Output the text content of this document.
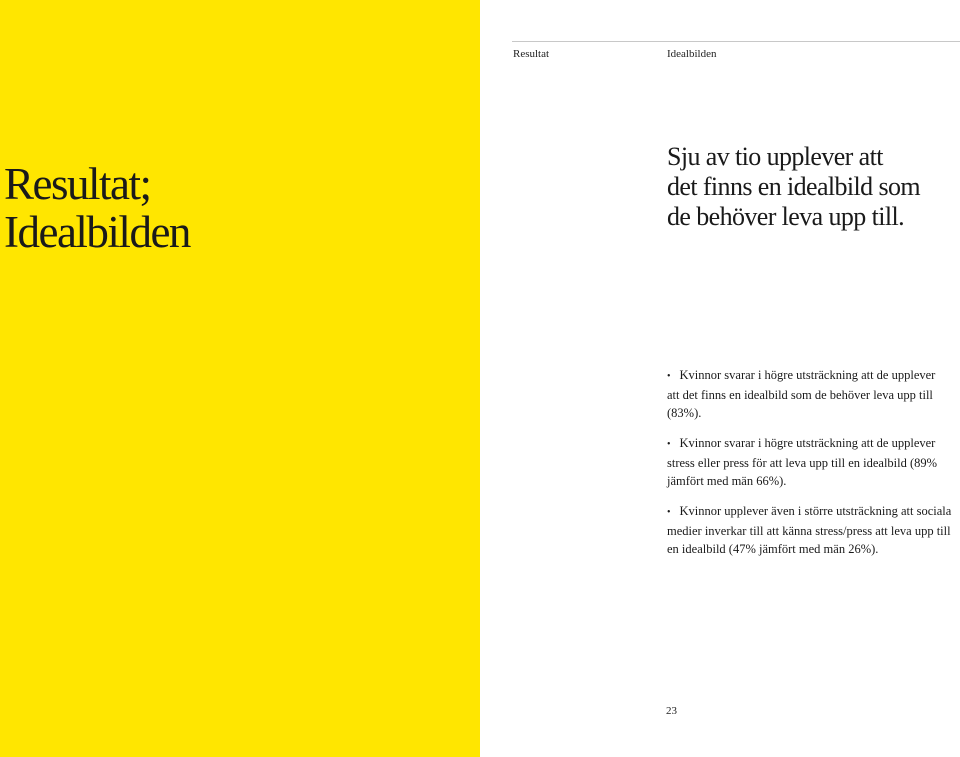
Resultat;
Idealbilden
Resultat	Idealbilden
Sju av tio upplever att
det finns en idealbild som
de behöver leva upp till.
• Kvinnor svarar i högre utsträckning att de upplever
att det finns en idealbild som de behöver leva upp till
(83%).
• Kvinnor svarar i högre utsträckning att de upplever
stress eller press för att leva upp till en idealbild (89%
jämfört med män 66%).
• Kvinnor upplever även i större utsträckning att sociala
medier inverkar till att känna stress/press att leva upp till
en idealbild (47% jämfört med män 26%).
23
